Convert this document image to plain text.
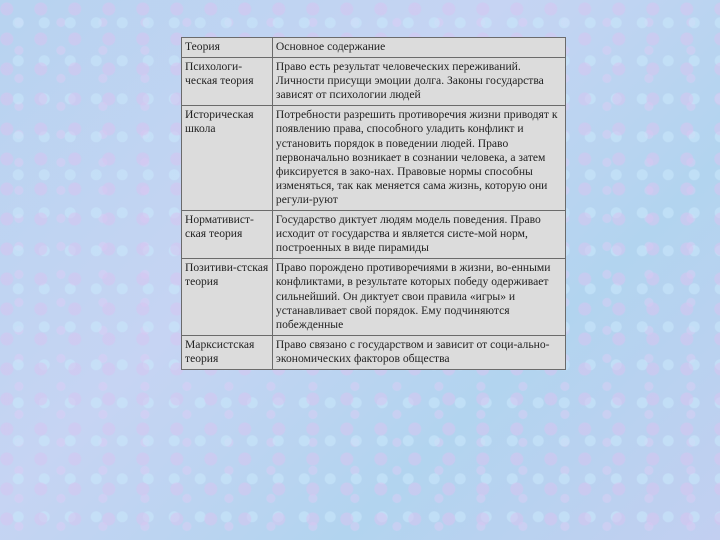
Теория	Основное содержание
Психологи-ческая теория	Право есть результат человеческих переживаний. Личности присущи эмоции долга. Законы государства зависят от психологии людей
Историческая школа	Потребности разрешить противоречия жизни приводят к появлению права, способного уладить конфликт и установить порядок в поведении людей. Право первоначально возникает в сознании человека, а затем фиксируется в зако-нах. Правовые нормы способны изменяться, так как меняется сама жизнь, которую они регули-руют
Нормативист-ская теория	Государство диктует людям модель поведения. Право исходит от государства и является систе-мой норм, построенных в виде пирамиды
Позитиви-стская теория	Право порождено противоречиями в жизни, во-енными конфликтами, в результате которых победу одерживает сильнейший. Он диктует свои правила «игры» и устанавливает свой порядок. Ему подчиняются побежденные
Марксистская теория	Право связано с государством и зависит от соци-ально-экономических факторов общества
